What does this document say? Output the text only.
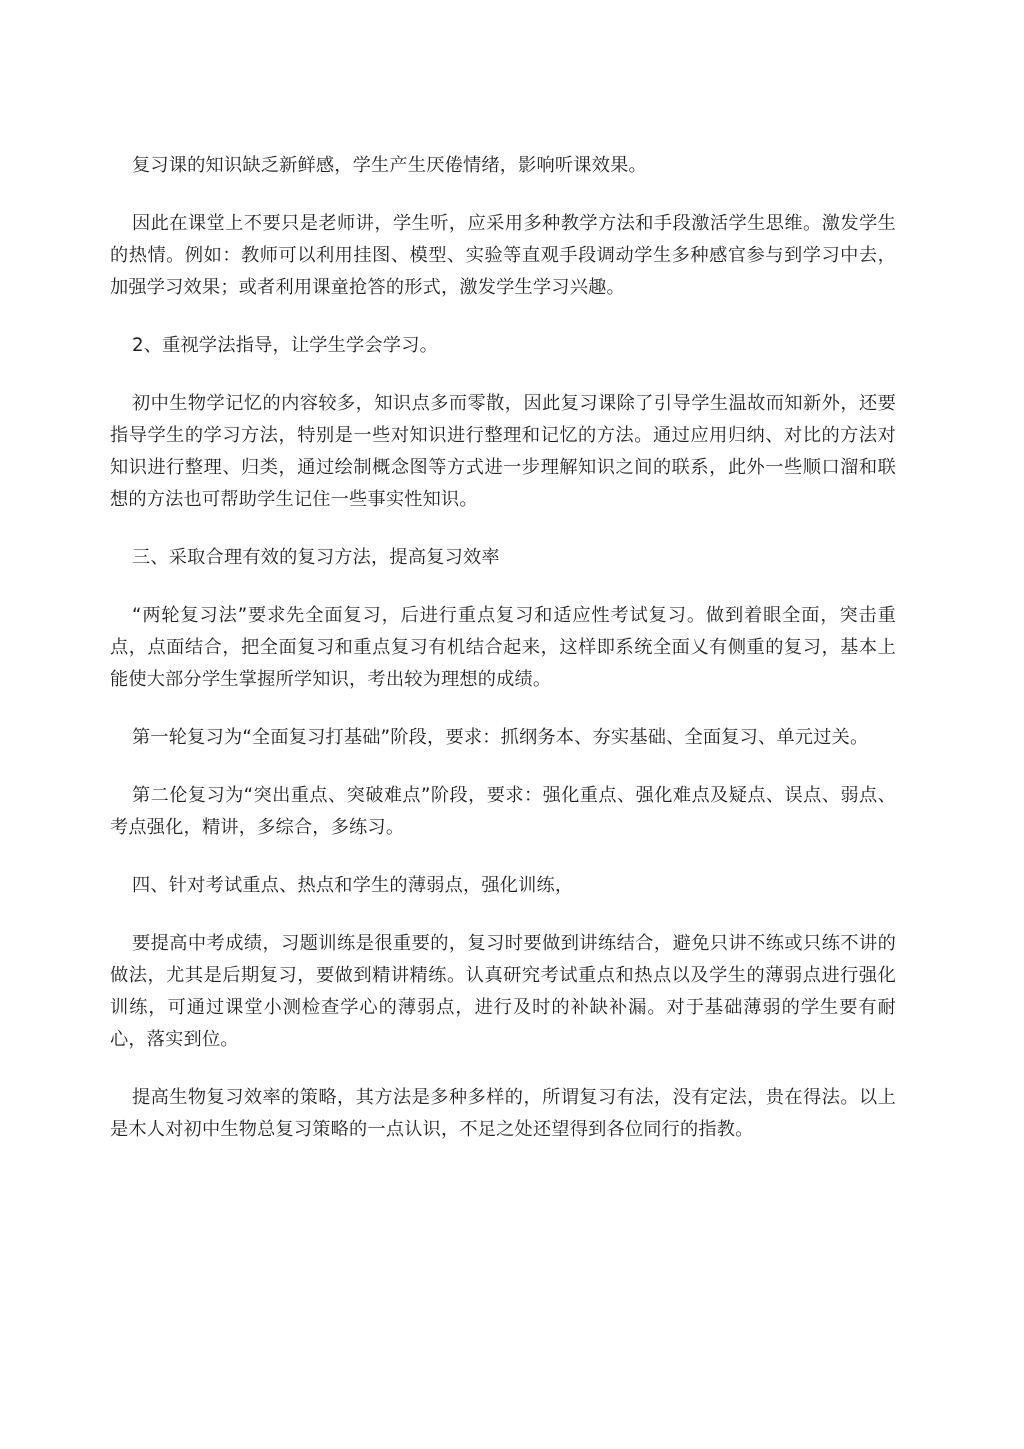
复习课的知识缺乏新鲜感，学生产生厌倦情绪，影响听课效果。

因此在课堂上不要只是老师讲，学生听，应采用多种教学方法和手段激活学生思维。激发学生的热情。例如：教师可以利用挂图、模型、实验等直观手段调动学生多种感官参与到学习中去，加强学习效果；或者利用课童抢答的形式，激发学生学习兴趣。

2、重视学法指导，让学生学会学习。

初中生物学记忆的内容较多，知识点多而零散，因此复习课除了引导学生温故而知新外，还要指导学生的学习方法，特别是一些对知识进行整理和记忆的方法。通过应用归纳、对比的方法对知识进行整理、归类，通过绘制概念图等方式进一步理解知识之间的联系，此外一些顺口溜和联想的方法也可帮助学生记住一些事实性知识。

三、采取合理有效的复习方法，提高复习效率

“两轮复习法”要求先全面复习，后进行重点复习和适应性考试复习。做到着眼全面，突击重点，点面结合，把全面复习和重点复习有机结合起来，这样即系统全面乂有侧重的复习，基本上能使大部分学生掌握所学知识，考出较为理想的成绩。

第一轮复习为“全面复习打基础”阶段，要求：抓纲务本、夯实基础、全面复习、单元过关。

第二伦复习为“突出重点、突破难点”阶段，要求：强化重点、强化难点及疑点、误点、弱点、考点强化，精讲，多综合，多练习。

四、针对考试重点、热点和学生的薄弱点，强化训练，

要提高中考成绩，习题训练是很重要的，复习时要做到讲练结合，避免只讲不练或只练不讲的做法，尤其是后期复习，要做到精讲精练。认真研究考试重点和热点以及学生的薄弱点进行强化训练，可通过课堂小测检查学心的薄弱点，进行及时的补缺补漏。对于基础薄弱的学生要有耐心，落实到位。

提高生物复习效率的策略，其方法是多种多样的，所谓复习有法，没有定法，贵在得法。以上是木人对初中生物总复习策略的一点认识，不足之处还望得到各位同行的指教。
